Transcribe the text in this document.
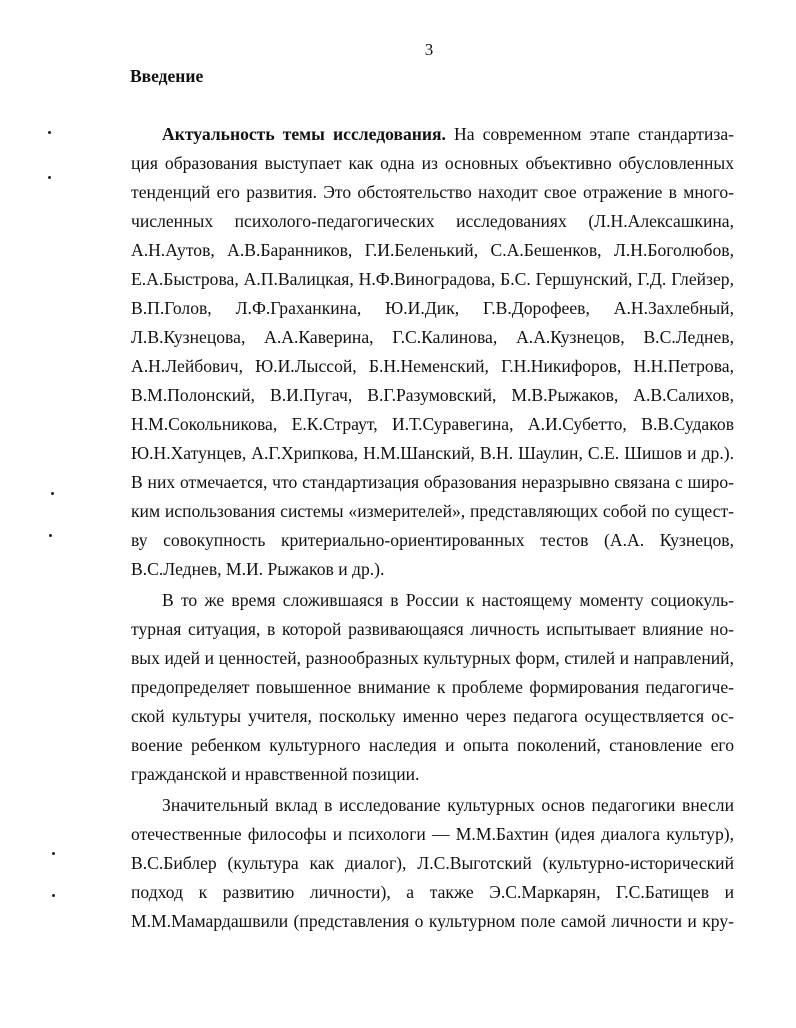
3
Введение
Актуальность темы исследования. На современном этапе стандартиза-
ция образования выступает как одна из основных объективно обусловленных
тенденций его развития. Это обстоятельство находит свое отражение в много-
численных психолого-педагогических исследованиях (Л.Н.Алексашкина,
А.Н.Аутов, А.В.Баранников, Г.И.Беленький, С.А.Бешенков, Л.Н.Боголюбов,
Е.А.Быстрова, А.П.Валицкая, Н.Ф.Виноградова, Б.С. Гершунский, Г.Д. Глейзер,
В.П.Голов, Л.Ф.Граханкина, Ю.И.Дик, Г.В.Дорофеев, А.Н.Захлебный,
Л.В.Кузнецова, А.А.Каверина, Г.С.Калинова, А.А.Кузнецов, В.С.Леднев,
А.Н.Лейбович, Ю.И.Лыссой, Б.Н.Неменский, Г.Н.Никифоров, Н.Н.Петрова,
В.М.Полонский, В.И.Пугач, В.Г.Разумовский, М.В.Рыжаков, А.В.Салихов,
Н.М.Сокольникова, Е.К.Страут, И.Т.Суравегина, А.И.Субетто, В.В.Судаков
Ю.Н.Хатунцев, А.Г.Хрипкова, Н.М.Шанский, В.Н. Шаулин, С.Е. Шишов и др.).
В них отмечается, что стандартизация образования неразрывно связана с широ-
ким использования системы «измерителей», представляющих собой по сущест-
ву совокупность критериально-ориентированных тестов (А.А. Кузнецов,
В.С.Леднев, М.И. Рыжаков и др.).
В то же время сложившаяся в России к настоящему моменту социокуль-
турная ситуация, в которой развивающаяся личность испытывает влияние но-
вых идей и ценностей, разнообразных культурных форм, стилей и направлений,
предопределяет повышенное внимание к проблеме формирования педагогиче-
ской культуры учителя, поскольку именно через педагога осуществляется ос-
воение ребенком культурного наследия и опыта поколений, становление его
гражданской и нравственной позиции.
Значительный вклад в исследование культурных основ педагогики внесли
отечественные философы и психологи — М.М.Бахтин (идея диалога культур),
В.С.Библер (культура как диалог), Л.С.Выготский (культурно-исторический
подход к развитию личности), а также Э.С.Маркарян, Г.С.Батищев и
М.М.Мамардашвили (представления о культурном поле самой личности и кру-
